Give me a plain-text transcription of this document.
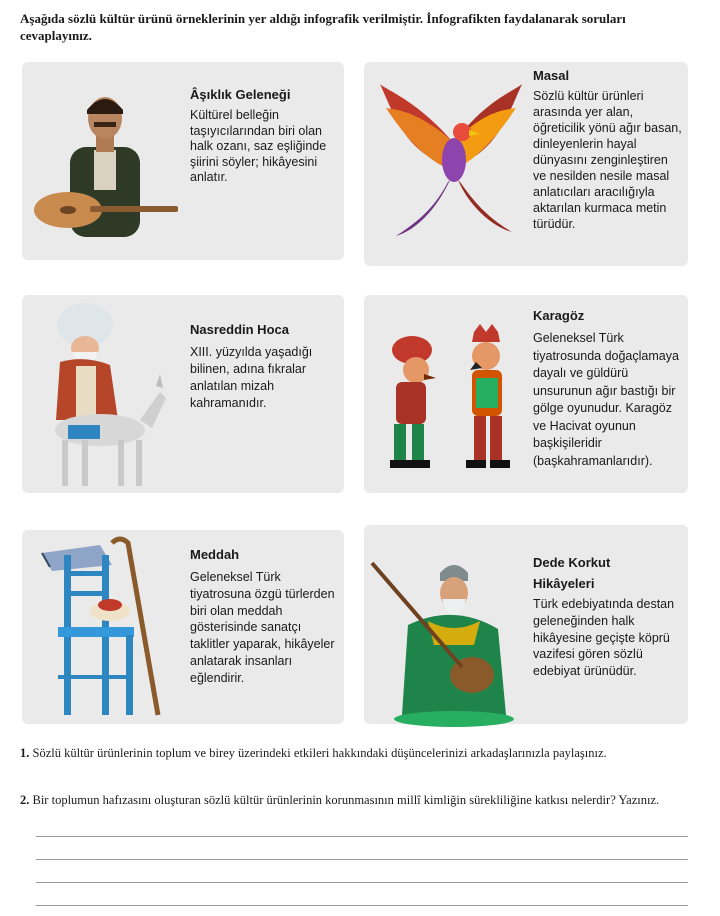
Aşağıda sözlü kültür ürünü örneklerinin yer aldığı infografik verilmiştir. İnfografikten faydalanarak soruları cevaplayınız.
Âşıklık Geleneği
Kültürel belleğin taşıyıcılarından biri olan halk ozanı, saz eşliğinde şiirini söyler; hikâyesini anlatır.
Masal
Sözlü kültür ürünleri arasında yer alan, öğreticilik yönü ağır basan, dinleyenlerin hayal dünyasını zenginleştiren ve nesilden nesile masal anlatıcıları aracılığıyla aktarılan kurmaca metin türüdür.
Nasreddin Hoca
XIII. yüzyılda yaşadığı bilinen, adına fıkralar anlatılan mizah kahramanıdır.
Karagöz
Geleneksel Türk tiyatrosunda doğaçlamaya dayalı ve güldürü unsurunun ağır bastığı bir gölge oyunudur. Karagöz ve Hacivat oyunun başkişileridir (başkahramanlarıdır).
Meddah
Geleneksel Türk tiyatrosuna özgü türlerden biri olan meddah gösterisinde sanatçı taklitler yaparak, hikâyeler anlatarak insanları eğlendirir.
Dede Korkut Hikâyeleri
Türk edebiyatında destan geleneğinden halk hikâyesine geçişte köprü vazifesi gören sözlü edebiyat ürünüdür.
1. Sözlü kültür ürünlerinin toplum ve birey üzerindeki etkileri hakkındaki düşüncelerinizi arkadaşlarınızla paylaşınız.
2. Bir toplumun hafızasını oluşturan sözlü kültür ürünlerinin korunmasının millî kimliğin sürekliliğine katkısı nelerdir? Yazınız.
